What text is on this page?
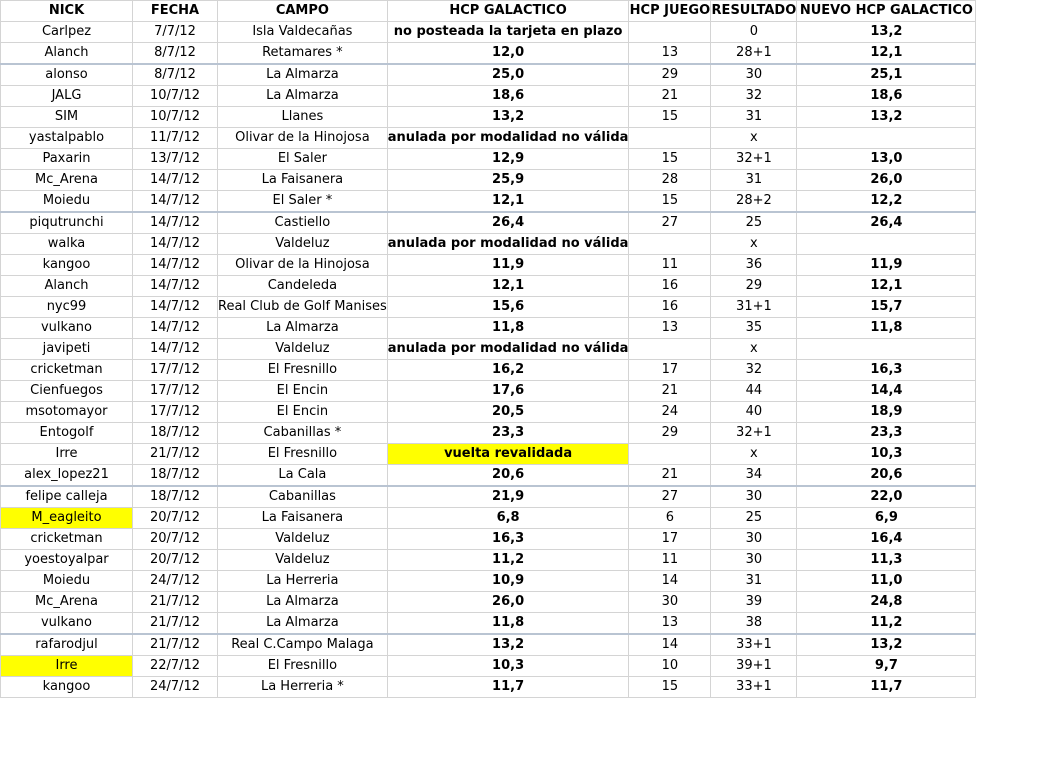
NICK	FECHA	CAMPO	HCP GALACTICO	HCP JUEGO	RESULTADO	NUEVO HCP GALACTICO
Carlpez	7/7/12	Isla Valdecañas	no posteada la tarjeta en plazo		0	13,2
Alanch	8/7/12	Retamares *	12,0	13	28+1	12,1
alonso	8/7/12	La Almarza	25,0	29	30	25,1
JALG	10/7/12	La Almarza	18,6	21	32	18,6
SIM	10/7/12	Llanes	13,2	15	31	13,2
yastalpablo	11/7/12	Olivar de la Hinojosa	anulada por modalidad no válida		x	
Paxarin	13/7/12	El Saler	12,9	15	32+1	13,0
Mc_Arena	14/7/12	La Faisanera	25,9	28	31	26,0
Moiedu	14/7/12	El Saler *	12,1	15	28+2	12,2
piqutrunchi	14/7/12	Castiello	26,4	27	25	26,4
walka	14/7/12	Valdeluz	anulada por modalidad no válida		x	
kangoo	14/7/12	Olivar de la Hinojosa	11,9	11	36	11,9
Alanch	14/7/12	Candeleda	12,1	16	29	12,1
nyc99	14/7/12	Real Club de Golf Manises	15,6	16	31+1	15,7
vulkano	14/7/12	La Almarza	11,8	13	35	11,8
javipeti	14/7/12	Valdeluz	anulada por modalidad no válida		x	
cricketman	17/7/12	El Fresnillo	16,2	17	32	16,3
Cienfuegos	17/7/12	El Encin	17,6	21	44	14,4
msotomayor	17/7/12	El Encin	20,5	24	40	18,9
Entogolf	18/7/12	Cabanillas *	23,3	29	32+1	23,3
Irre	21/7/12	El Fresnillo	vuelta revalidada		x	10,3
alex_lopez21	18/7/12	La Cala	20,6	21	34	20,6
felipe calleja	18/7/12	Cabanillas	21,9	27	30	22,0
M_eagleito	20/7/12	La Faisanera	6,8	6	25	6,9
cricketman	20/7/12	Valdeluz	16,3	17	30	16,4
yoestoyalpar	20/7/12	Valdeluz	11,2	11	30	11,3
Moiedu	24/7/12	La Herreria	10,9	14	31	11,0
Mc_Arena	21/7/12	La Almarza	26,0	30	39	24,8
vulkano	21/7/12	La Almarza	11,8	13	38	11,2
rafarodjul	21/7/12	Real C.Campo Malaga	13,2	14	33+1	13,2
Irre	22/7/12	El Fresnillo	10,3	10	39+1	9,7
kangoo	24/7/12	La Herreria *	11,7	15	33+1	11,7
